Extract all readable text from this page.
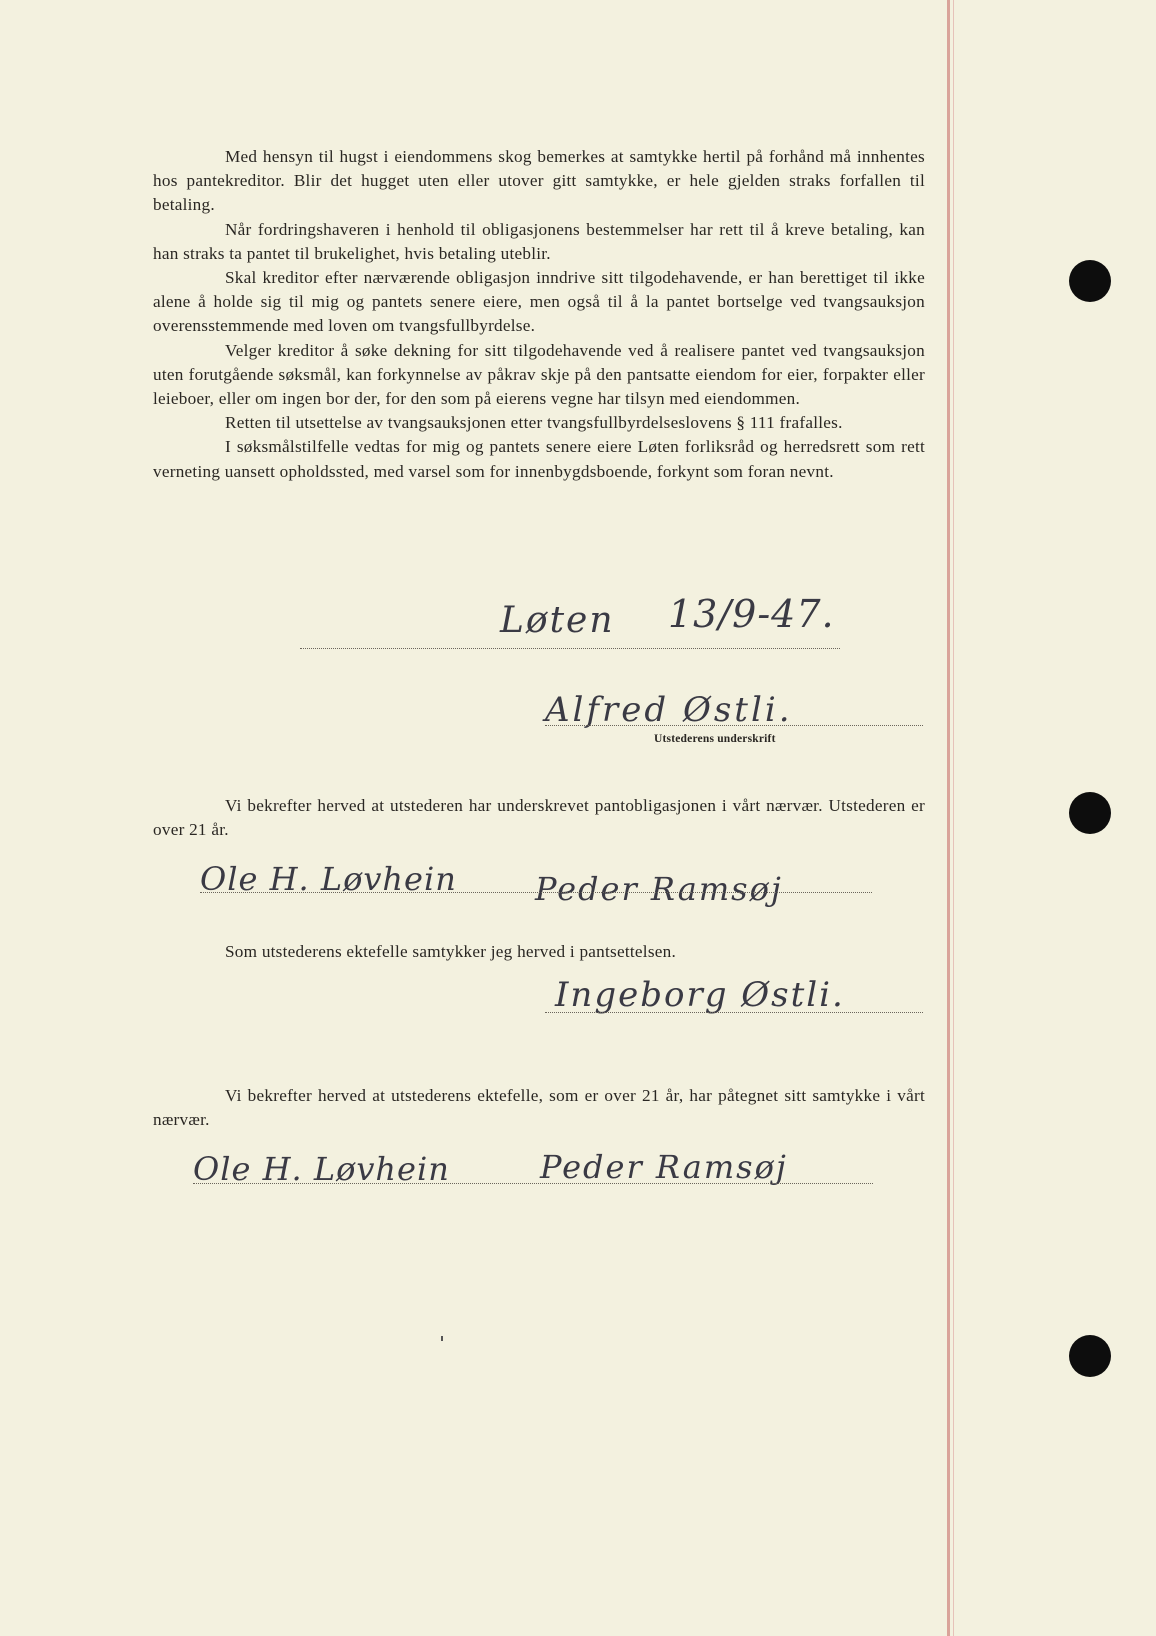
Med hensyn til hugst i eiendommens skog bemerkes at samtykke hertil på forhånd må innhentes hos pantekreditor. Blir det hugget uten eller utover gitt samtykke, er hele gjelden straks forfallen til betaling.

Når fordringshaveren i henhold til obligasjonens bestemmelser har rett til å kreve betaling, kan han straks ta pantet til brukelighet, hvis betaling uteblir.

Skal kreditor efter nærværende obligasjon inndrive sitt tilgodehavende, er han berettiget til ikke alene å holde sig til mig og pantets senere eiere, men også til å la pantet bortselge ved tvangsauksjon overensstemmende med loven om tvangsfullbyrdelse.

Velger kreditor å søke dekning for sitt tilgodehavende ved å realisere pantet ved tvangsauksjon uten forutgående søksmål, kan forkynnelse av påkrav skje på den pantsatte eiendom for eier, forpakter eller leieboer, eller om ingen bor der, for den som på eierens vegne har tilsyn med eiendommen.

Retten til utsettelse av tvangsauksjonen etter tvangsfullbyrdelseslovens § 111 frafalles.

I søksmålstilfelle vedtas for mig og pantets senere eiere Løten forliksråd og herredsrett som rett verneting uansett opholdssted, med varsel som for innenbygdsboende, forkynt som foran nevnt.

Løten 13/9-47.
Alfred Østli.
Utstederens underskrift
Vi bekrefter herved at utstederen har underskrevet pantobligasjonen i vårt nærvær. Utstederen er over 21 år.
Ole H. Løvhein Peder Ramsøj
Som utstederens ektefelle samtykker jeg herved i pantsettelsen.
Ingeborg Østli.
Vi bekrefter herved at utstederens ektefelle, som er over 21 år, har påtegnet sitt samtykke i vårt nærvær.
Ole H. Løvhein	Peder Ramsøj
